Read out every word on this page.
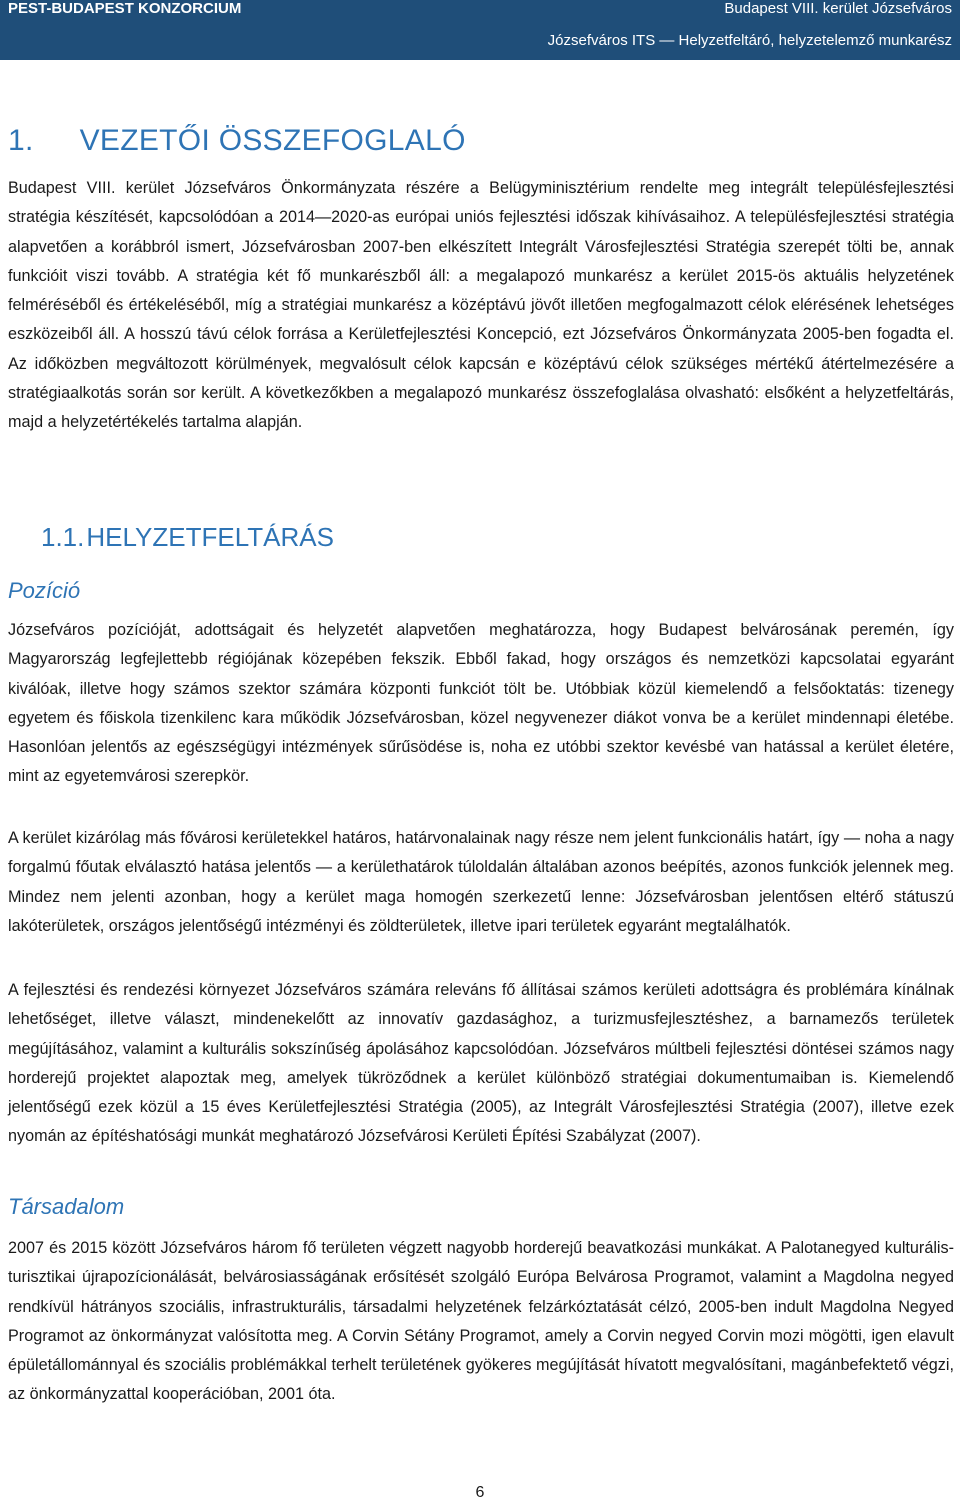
PEST-BUDAPEST KONZORCIUM	Budapest VIII. kerület Józsefváros
Józsefváros ITS — Helyzetfeltáró, helyzetelemző munkarész
1. VEZETŐI ÖSSZEFOGLALÓ
Budapest VIII. kerület Józsefváros Önkormányzata részére a Belügyminisztérium rendelte meg integrált településfejlesztési stratégia készítését, kapcsolódóan a 2014—2020-as európai uniós fejlesztési időszak kihívásaihoz. A településfejlesztési stratégia alapvetően a korábbról ismert, Józsefvárosban 2007-ben elkészített Integrált Városfejlesztési Stratégia szerepét tölti be, annak funkcióit viszi tovább. A stratégia két fő munkarészből áll: a megalapozó munkarész a kerület 2015-ös aktuális helyzetének felméréséből és értékeléséből, míg a stratégiai munkarész a középtávú jövőt illetően megfogalmazott célok elérésének lehetséges eszközeiből áll. A hosszú távú célok forrása a Kerületfejlesztési Koncepció, ezt Józsefváros Önkormányzata 2005-ben fogadta el. Az időközben megváltozott körülmények, megvalósult célok kapcsán e középtávú célok szükséges mértékű átértelmezésére a stratégiaalkotás során sor került. A következőkben a megalapozó munkarész összefoglalása olvasható: elsőként a helyzetfeltárás, majd a helyzetértékelés tartalma alapján.
1.1.HELYZETFELTÁRÁS
Pozíció
Józsefváros pozícióját, adottságait és helyzetét alapvetően meghatározza, hogy Budapest belvárosának peremén, így Magyarország legfejlettebb régiójának közepében fekszik. Ebből fakad, hogy országos és nemzetközi kapcsolatai egyaránt kiválóak, illetve hogy számos szektor számára központi funkciót tölt be. Utóbbiak közül kiemelendő a felsőoktatás: tizenegy egyetem és főiskola tizenkilenc kara működik Józsefvárosban, közel negyvenezer diákot vonva be a kerület mindennapi életébe. Hasonlóan jelentős az egészségügyi intézmények sűrűsödése is, noha ez utóbbi szektor kevésbé van hatással a kerület életére, mint az egyetemvárosi szerepkör.
A kerület kizárólag más fővárosi kerületekkel határos, határvonalainak nagy része nem jelent funkcionális határt, így — noha a nagy forgalmú főutak elválasztó hatása jelentős — a kerülethatárok túloldalán általában azonos beépítés, azonos funkciók jelennek meg. Mindez nem jelenti azonban, hogy a kerület maga homogén szerkezetű lenne: Józsefvárosban jelentősen eltérő státuszú lakóterületek, országos jelentőségű intézményi és zöldterületek, illetve ipari területek egyaránt megtalálhatók.
A fejlesztési és rendezési környezet Józsefváros számára releváns fő állításai számos kerületi adottságra és problémára kínálnak lehetőséget, illetve választ, mindenekelőtt az innovatív gazdasághoz, a turizmusfejlesztéshez, a barnamezős területek megújításához, valamint a kulturális sokszínűség ápolásához kapcsolódóan. Józsefváros múltbeli fejlesztési döntései számos nagy horderejű projektet alapoztak meg, amelyek tükröződnek a kerület különböző stratégiai dokumentumaiban is. Kiemelendő jelentőségű ezek közül a 15 éves Kerületfejlesztési Stratégia (2005), az Integrált Városfejlesztési Stratégia (2007), illetve ezek nyomán az építéshatósági munkát meghatározó Józsefvárosi Kerületi Építési Szabályzat (2007).
Társadalom
2007 és 2015 között Józsefváros három fő területen végzett nagyobb horderejű beavatkozási munkákat. A Palotanegyed kulturális-turisztikai újrapozícionálását, belvárosiasságának erősítését szolgáló Európa Belvárosa Programot, valamint a Magdolna negyed rendkívül hátrányos szociális, infrastrukturális, társadalmi helyzetének felzárkóztatását célzó, 2005-ben indult Magdolna Negyed Programot az önkormányzat valósította meg. A Corvin Sétány Programot, amely a Corvin negyed Corvin mozi mögötti, igen elavult épületállománnyal és szociális problémákkal terhelt területének gyökeres megújítását hívatott megvalósítani, magánbefektető végzi, az önkormányzattal kooperációban, 2001 óta.
6
